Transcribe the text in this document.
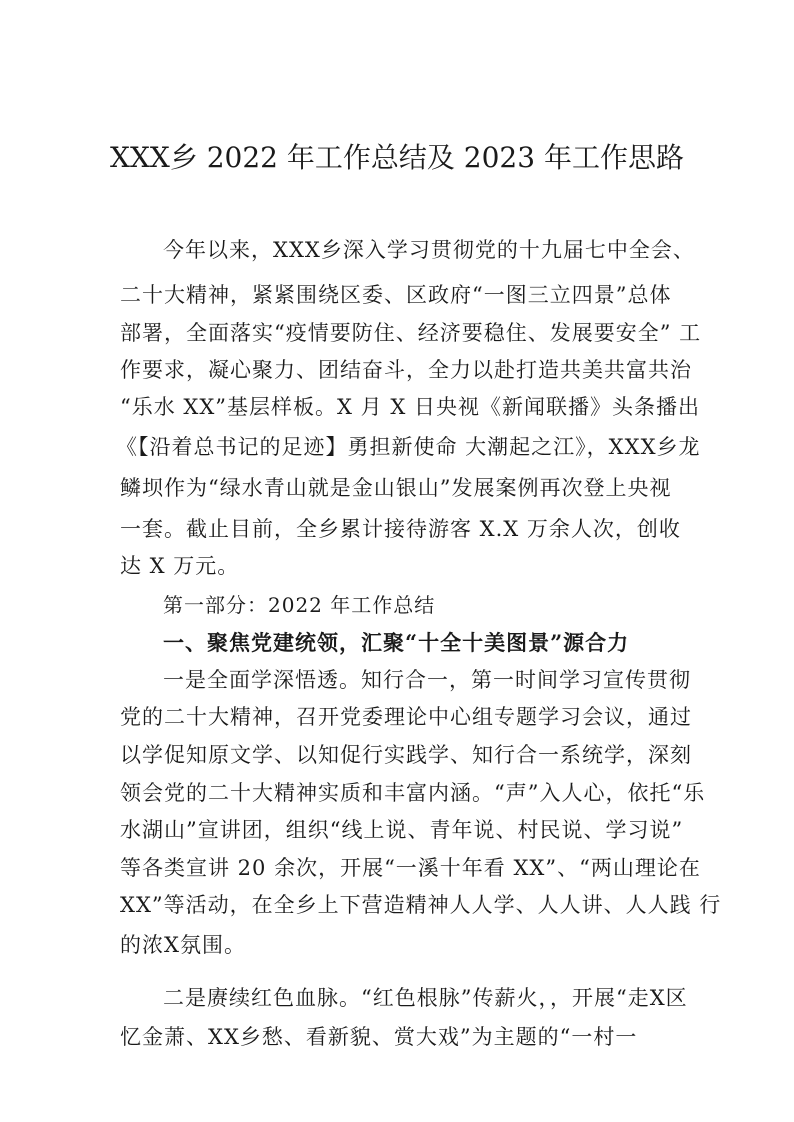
XXX乡 2022 年工作总结及 2023 年工作思路
今年以来，XXX乡深入学习贯彻党的十九届七中全会、
二十大精神，紧紧围绕区委、区政府“一图三立四景”总体
部署，全面落实“疫情要防住、经济要稳住、发展要安全” 工
作要求，凝心聚力、团结奋斗，全力以赴打造共美共富共治
“乐水 XX”基层样板。X 月 X 日央视《新闻联播》头条播出
《【沿着总书记的足迹】勇担新使命 大潮起之江》，XXX乡龙
鳞坝作为“绿水青山就是金山银山”发展案例再次登上央视
一套。截止目前，全乡累计接待游客 X.X 万余人次，创收
达 X 万元。
第一部分：2022 年工作总结
一、聚焦党建统领，汇聚“十全十美图景”源合力
一是全面学深悟透。知行合一，第一时间学习宣传贯彻
党的二十大精神，召开党委理论中心组专题学习会议，通过
以学促知原文学、以知促行实践学、知行合一系统学，深刻
领会党的二十大精神实质和丰富内涵。“声”入人心，依托“乐
水湖山”宣讲团，组织“线上说、青年说、村民说、学习说”
等各类宣讲 20 余次，开展“一溪十年看 XX”、“两山理论在
XX”等活动，在全乡上下营造精神人人学、人人讲、人人践 行
的浓X氛围。
二是赓续红色血脉。“红色根脉”传薪火，，开展“走X区
忆金萧、XX乡愁、看新貌、赏大戏”为主题的“一村一
